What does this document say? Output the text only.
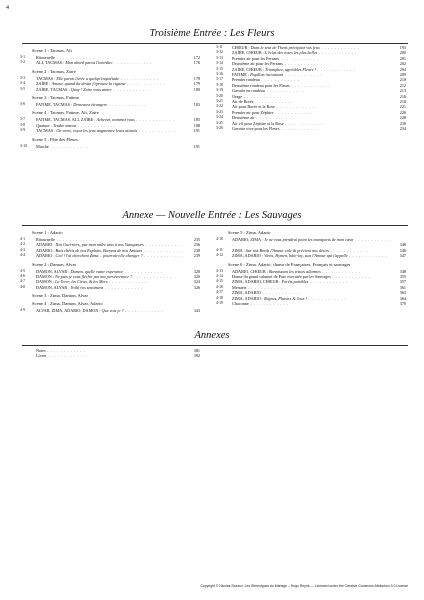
4
Troisième Entrée : Les Fleurs
Scene 1 : Tacmas, Ali
3-1	Ritournelle . . . . . . . . . . . .	172
3-2	ALI, TACMAS : Mon abord paroit l'interdire . . . . . . . . . . . .	176
Scene 2 : Tacmas, Zaïre
3-3	TACMAS : Elle paroit livrée a quelqu'inquiétude . . . . . . . . . . . .	178
3-4	ZAÏRE : Amour, quand du destin j'éprouve la rigueur . . . . . . . . . . . .	179
3-5	ZAÏRE, TACMAS : Quoy ! Zaïre vous aimer . . . . . . . . . . . .	180
Scene 3 : Tacmas, Fatime
3-6	FATIME, TACMAS : Demeurez étrangere . . . . . . . . . . . .	183
Scene 4 : Tacmas, Fatime, Ali, Zaïre
3-7	FATIME, TACMAS, ALI, ZAÏRE : Achevez, nommez vous . . . . . . . . . . . .	185
3-8	Quatuor : Tendre amour . . . . . . . . . . . .	188
3-9	TACMAS : On vient, voyez les jeux augmentez leurs attraits . . . . . . . . . . . .	191
Scene 5 : Fête des Fleurs
3-10 Marche . . . . . . . . . . . .	191
3-11 CHŒUR : Dans le sein de Thetis précipitez vos feux . . . . . . . . . . . .	193
3-12 ZAÏRE, CHŒUR : L'éclat des roses les plus belles . . . . . . . . . . . .	200
3-13 Premier air pour les Persans . . . . . . . . . . . .	201
3-14 Deuxième air pour les Persans . . . . . . . . . . . .	202
3-15 ZAÏRE, CHŒUR : Triomphez, agréables Fleurs ! . . . . . . . . . . . .	204
3-16 FATIME : Papillon inconstant . . . . . . . . . . . .	209
3-17 Premier rondeau . . . . . . . . . . . .	210
3-18 Deuxième rondeau pour les Fleurs . . . . . . . . . . . .	212
3-19 Gavotte en rondeau . . . . . . . . . . . .	213
3-20 Orage . . . . . . . . . . . .	216
3-21 Air de Borée . . . . . . . . . . . .	218
3-22 Air pour Borée et la Rose . . . . . . . . . . . .	221
3-23 Premier air pour Zéphire . . . . . . . . . . . .	226
3-24 Deuxième air . . . . . . . . . . . .	228
3-25 Air vif pour Zéphire et la Rose . . . . . . . . . . . .	230
3-26 Gavotte vive pour les Fleurs . . . . . . . . . . . .	234
Annexe — Nouvelle Entrée : Les Sauvages
Scene 1 : Adario
4-1	Ritournelle . . . . . . . . . . . .	235
4-2	ADARIO : Nos Guerriers, par mon ordre unis à nos Vainqueurs . . . . . . . . . . . .	236
4-3	ADARIO : Bois chéris de nos Exploits, Bienvus de nos Amours . . . . . . . . . . . .	238
4-4	ADARIO : Ciel ! l'ai cherchent Zima… pourrait-elle changer ? . . . . . . . . . . . .	239
Scene 2 : Damon, Alvar
4-5	DAMON, ALVAR : Damon, quelle vaine esperance . . . . . . . . . . . .	320
4-6	DAMON : Ne puis je vous fléchir par ma perséverance ? . . . . . . . . . . . .	320
4-7	DAMON : La Terre, les Cieux, & les Mers . . . . . . . . . . . .	324
4-8	DAMON, ALVAR : Voilà vos sentimens . . . . . . . . . . . .	326
Scene 3 : Zima, Damon, Alvar
Scene 4 : Zima, Damon, Alvar, Adario
4-9	ALVAR, ZIMA, ADARIO, DAMON : Que vois je ? . . . . . . . . . . . .	343
Scene 5 : Zima, Adario
4-10 ADARIO, ZIMA : Je ne vous prendrai point les transports de mon cœur . . . . . . . . . . . .	346
4-11 ZIMA : Sur nos Bords l'Amour vole & prévient nos désirs . . . . . . . . . . . .	346
4-12 ZIMA, ADARIO : Viens, Hymen, hâte-toy, suis l'Amour qui t'appelle . . . . . . . . . . . .	347
Scene 6 : Zima, Adario, chœur de Françaises, Français et sauvages
4-13 ADARIO, CHŒUR : Bannissons les tristes allarmes . . . . . . . . . . . .	348
4-14 Danse du grand calumet de Paix executée par les Sauvages . . . . . . . . . . . .	355
4-15 ZIMA, ADARIO, CHŒUR : Forêts paisibles . . . . . . . . . . . .	357
4-16 Menuets . . . . . . . . . . . .	361
4-17 ZIMA, ADARIO . . . . . . . . . . . .	363
4-18 ZIMA, ADARIO : Régnez, Plaisirs & Jeux ! . . . . . . . . . . . .	364
4-19 Chaconne . . . . . . . . . . . .	370
Annexes
Notes . . . . . . . . . . . .	381
Livret . . . . . . . . . . . .	392
Copyright © Nicolas Sceaux, Les Stereotypes du Mariage – Hugo Reyne — Licensed under the Creative Commons Attribution 3.0 License
